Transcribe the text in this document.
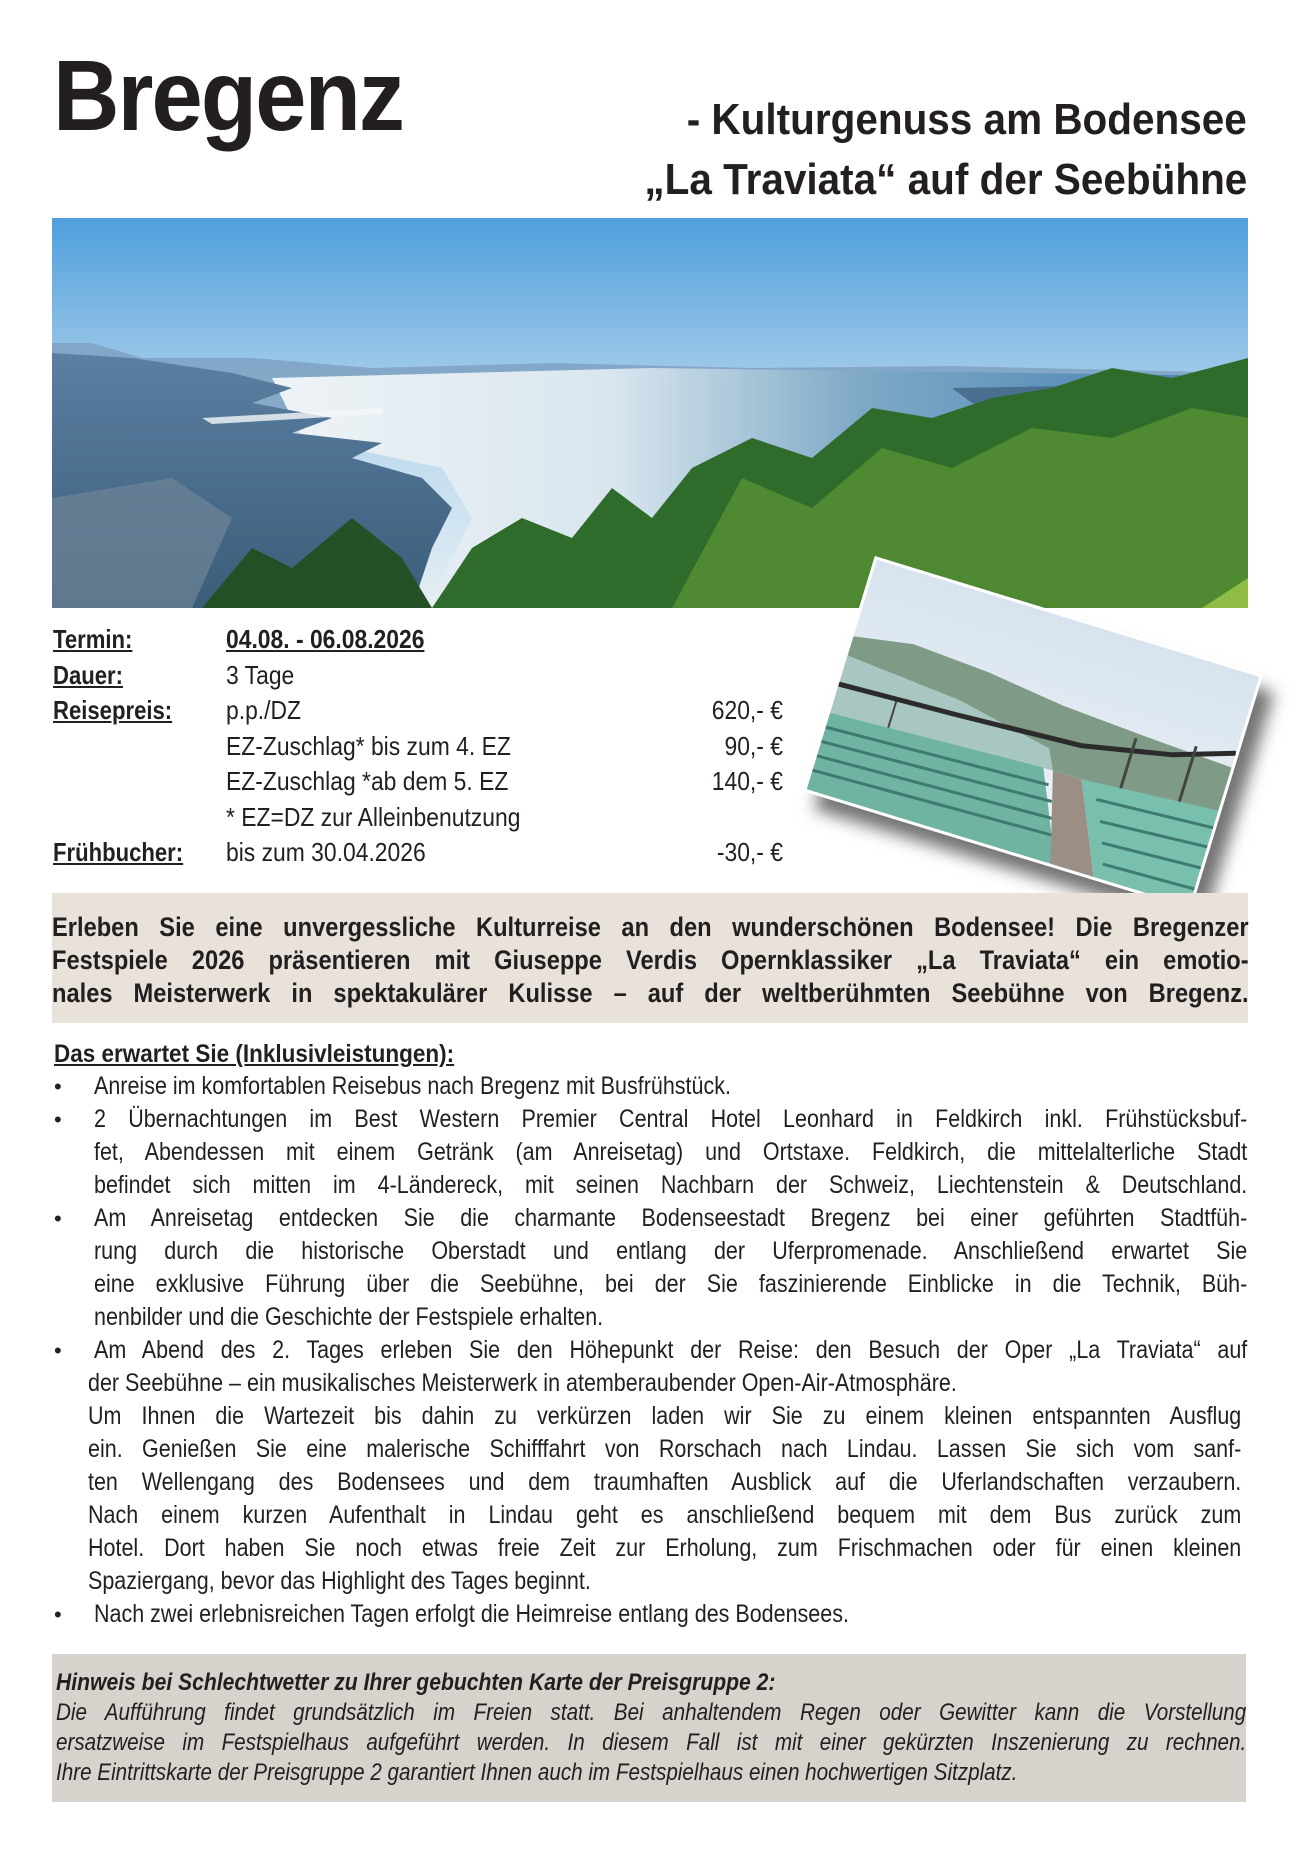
Bregenz	- Kulturgenuss am Bodensee
„La Traviata“ auf der Seebühne
Termin:	04.08. - 06.08.2026
Dauer:	3 Tage
Reisepreis: p.p./DZ	620,- €
EZ-Zuschlag* bis zum 4. EZ	90,- €
EZ-Zuschlag *ab dem 5. EZ	140,- €
* EZ=DZ zur Alleinbenutzung
Frühbucher: bis zum 30.04.2026	-30,- €
Erleben Sie eine unvergessliche Kulturreise an den wunderschönen Bodensee! Die Bregenzer
Festspiele 2026 präsentieren mit Giuseppe Verdis Opernklassiker „La Traviata“ ein emotio-
nales Meisterwerk in spektakulärer Kulisse – auf der weltberühmten Seebühne von Bregenz.
Das erwartet Sie (Inklusivleistungen):
• Anreise im komfortablen Reisebus nach Bregenz mit Busfrühstück.
• 2 Übernachtungen im Best Western Premier Central Hotel Leonhard in Feldkirch inkl. Frühstücksbuf-
fet, Abendessen mit einem Getränk (am Anreisetag) und Ortstaxe. Feldkirch, die mittelalterliche Stadt
befindet sich mitten im 4-Ländereck, mit seinen Nachbarn der Schweiz, Liechtenstein & Deutschland.
• Am Anreisetag entdecken Sie die charmante Bodenseestadt Bregenz bei einer geführten Stadtfüh-
rung durch die historische Oberstadt und entlang der Uferpromenade. Anschließend erwartet Sie
eine exklusive Führung über die Seebühne, bei der Sie faszinierende Einblicke in die Technik, Büh-
nenbilder und die Geschichte der Festspiele erhalten.
• Am Abend des 2. Tages erleben Sie den Höhepunkt der Reise: den Besuch der Oper „La Traviata“ auf
der Seebühne – ein musikalisches Meisterwerk in atemberaubender Open-Air-Atmosphäre.
Um Ihnen die Wartezeit bis dahin zu verkürzen laden wir Sie zu einem kleinen entspannten Ausflug
ein. Genießen Sie eine malerische Schifffahrt von Rorschach nach Lindau. Lassen Sie sich vom sanf-
ten Wellengang des Bodensees und dem traumhaften Ausblick auf die Uferlandschaften verzaubern.
Nach einem kurzen Aufenthalt in Lindau geht es anschließend bequem mit dem Bus zurück zum
Hotel. Dort haben Sie noch etwas freie Zeit zur Erholung, zum Frischmachen oder für einen kleinen
Spaziergang, bevor das Highlight des Tages beginnt.
• Nach zwei erlebnisreichen Tagen erfolgt die Heimreise entlang des Bodensees.
Hinweis bei Schlechtwetter zu Ihrer gebuchten Karte der Preisgruppe 2:
Die Aufführung findet grundsätzlich im Freien statt. Bei anhaltendem Regen oder Gewitter kann die Vorstellung
ersatzweise im Festspielhaus aufgeführt werden. In diesem Fall ist mit einer gekürzten Inszenierung zu rechnen.
Ihre Eintrittskarte der Preisgruppe 2 garantiert Ihnen auch im Festspielhaus einen hochwertigen Sitzplatz.
